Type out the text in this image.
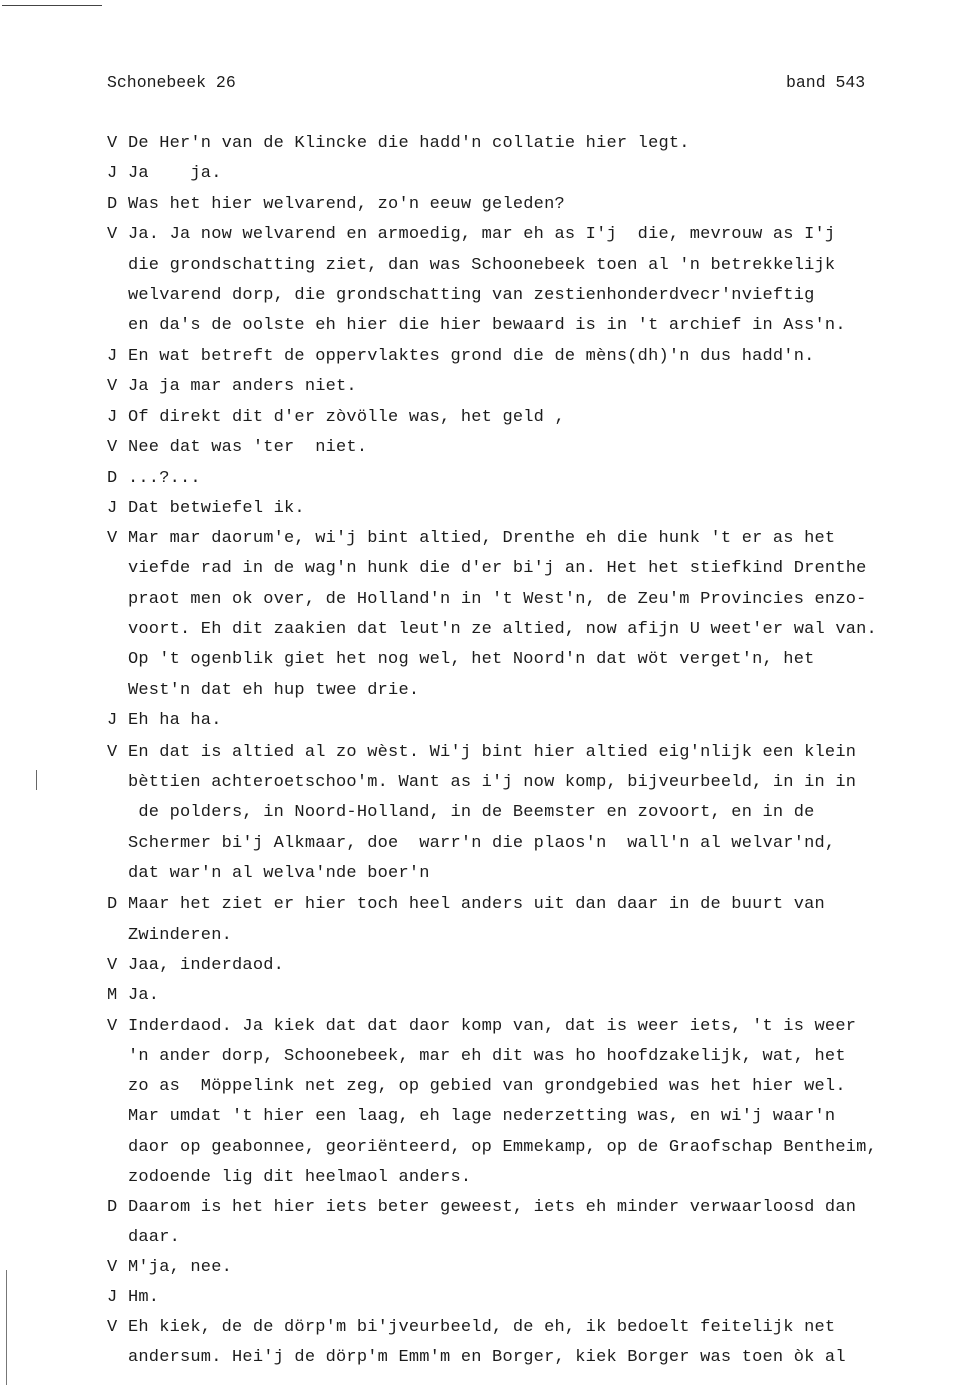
Schonebeek 26	band 543
V De Her'n van de Klincke die hadd'n collatie hier legt.
J Ja    ja.
D Was het hier welvarend, zo'n eeuw geleden?
V Ja. Ja now welvarend en armoedig, mar eh as I'j  die, mevrouw as I'j
die grondschatting ziet, dan was Schoonebeek toen al 'n betrekkelijk
welvarend dorp, die grondschatting van zestienhonderdvecr'nvieftig
en da's de oolste eh hier die hier bewaard is in 't archief in Ass'n.
J En wat betreft de oppervlaktes grond die de mèns(dh)'n dus hadd'n.
V Ja ja mar anders niet.
J Of direkt dit d'er zòvölle was, het geld ,
V Nee dat was 'ter  niet.
D ...?...
J Dat betwiefel ik.
V Mar mar daorum'e, wi'j bint altied, Drenthe eh die hunk 't er as het
viefde rad in de wag'n hunk die d'er bi'j an. Het het stiefkind Drenthe
praot men ok over, de Holland'n in 't West'n, de Zeu'm Provincies enzo-
voort. Eh dit zaakien dat leut'n ze altied, now afijn U weet'er wal van.
Op 't ogenblik giet het nog wel, het Noord'n dat wöt verget'n, het
West'n dat eh hup twee drie.
J Eh ha ha.
V En dat is altied al zo wèst. Wi'j bint hier altied eig'nlijk een klein
bèttien achteroetschoo'm. Want as i'j now komp, bijveurbeeld, in in in
de polders, in Noord-Holland, in de Beemster en zovoort, en in de
Schermer bi'j Alkmaar, doe  warr'n die plaos'n  wall'n al welvar'nd,
dat war'n al welva'nde boer'n
D Maar het ziet er hier toch heel anders uit dan daar in de buurt van
Zwinderen.
V Jaa, inderdaod.
M Ja.
V Inderdaod. Ja kiek dat dat daor komp van, dat is weer iets, 't is weer
'n ander dorp, Schoonebeek, mar eh dit was ho hoofdzakelijk, wat, het
zo as  Möppelink net zeg, op gebied van grondgebied was het hier wel.
Mar umdat 't hier een laag, eh lage nederzetting was, en wi'j waar'n
daor op geabonnee, georiënteerd, op Emmekamp, op de Graofschap Bentheim,
zodoende lig dit heelmaol anders.
D Daarom is het hier iets beter geweest, iets eh minder verwaarloosd dan
daar.
V M'ja, nee.
J Hm.
V Eh kiek, de de dörp'm bi'jveurbeeld, de eh, ik bedoelt feitelijk net
andersum. Hei'j de dörp'm Emm'm en Borger, kiek Borger was toen òk al
